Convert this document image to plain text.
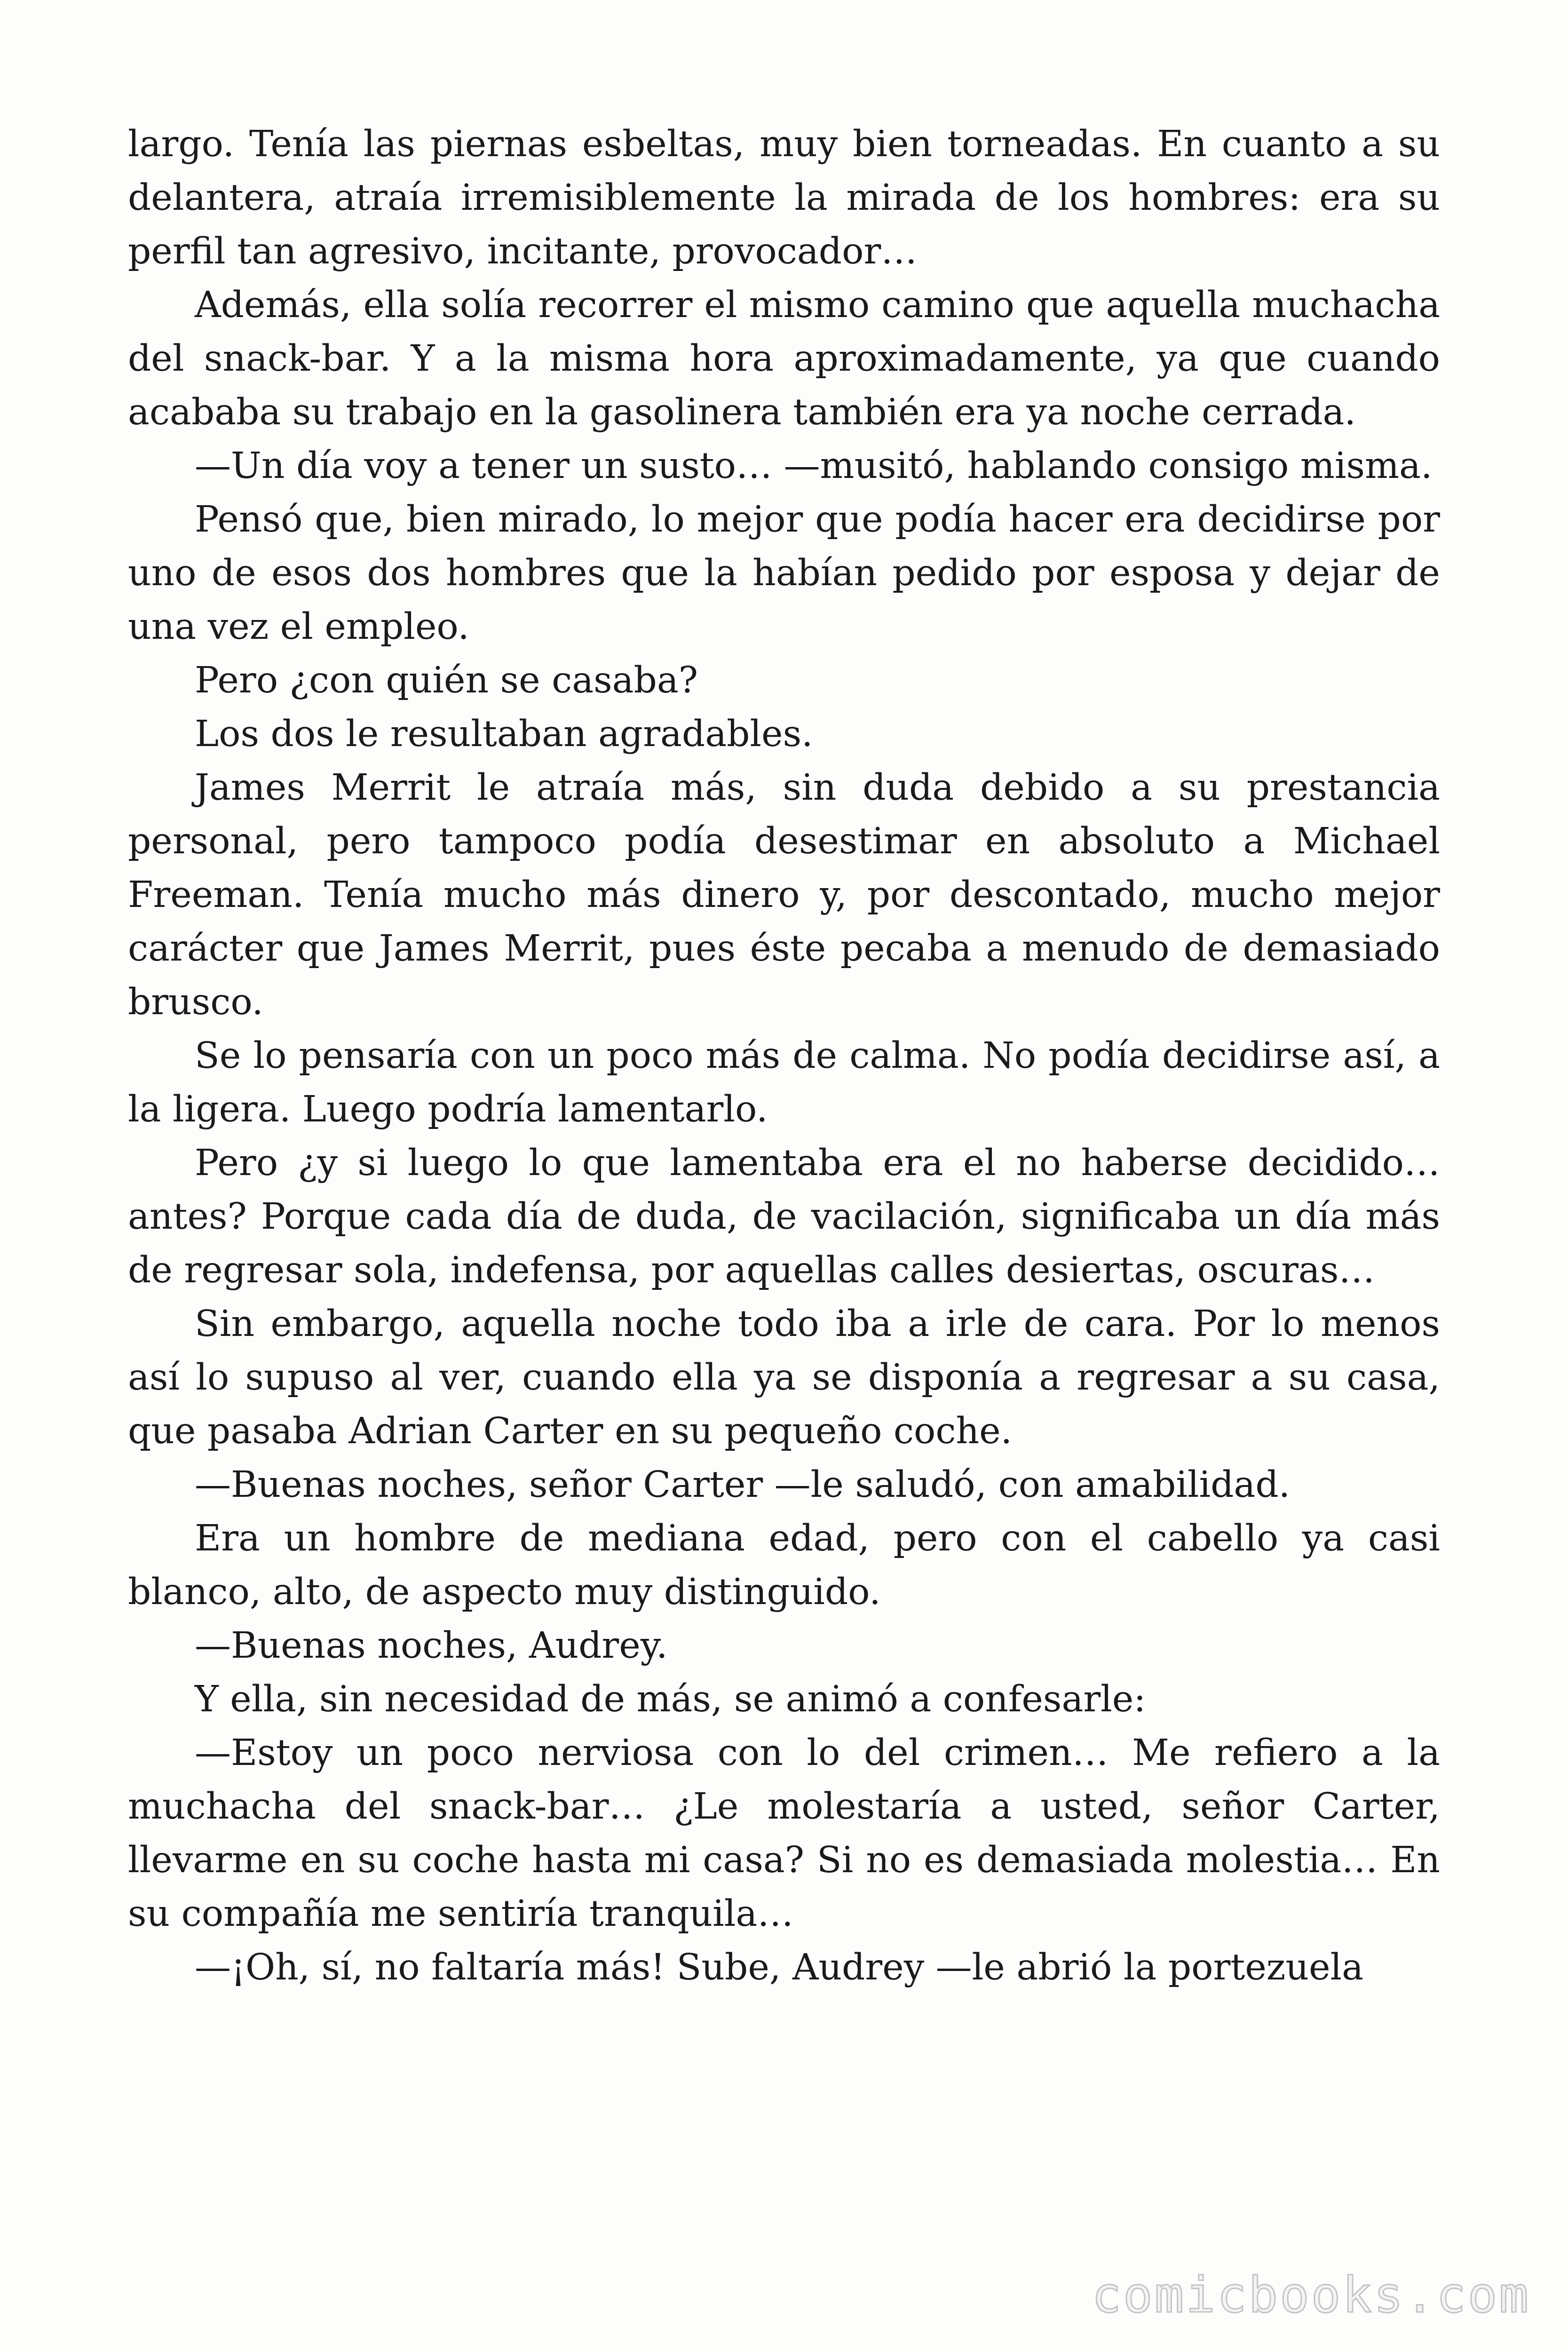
largo. Tenía las piernas esbeltas, muy bien torneadas. En cuanto a su delantera, atraía irremisiblemente la mirada de los hombres: era su perfil tan agresivo, incitante, provocador…

Además, ella solía recorrer el mismo camino que aquella muchacha del snack-bar. Y a la misma hora aproximadamente, ya que cuando acababa su trabajo en la gasolinera también era ya noche cerrada.

—Un día voy a tener un susto… —musitó, hablando consigo misma.

Pensó que, bien mirado, lo mejor que podía hacer era decidirse por uno de esos dos hombres que la habían pedido por esposa y dejar de una vez el empleo.

Pero ¿con quién se casaba?

Los dos le resultaban agradables.

James Merrit le atraía más, sin duda debido a su prestancia personal, pero tampoco podía desestimar en absoluto a Michael Freeman. Tenía mucho más dinero y, por descontado, mucho mejor carácter que James Merrit, pues éste pecaba a menudo de demasiado brusco.

Se lo pensaría con un poco más de calma. No podía decidirse así, a la ligera. Luego podría lamentarlo.

Pero ¿y si luego lo que lamentaba era el no haberse decidido… antes? Porque cada día de duda, de vacilación, significaba un día más de regresar sola, indefensa, por aquellas calles desiertas, oscuras…

Sin embargo, aquella noche todo iba a irle de cara. Por lo menos así lo supuso al ver, cuando ella ya se disponía a regresar a su casa, que pasaba Adrian Carter en su pequeño coche.

—Buenas noches, señor Carter —le saludó, con amabilidad.

Era un hombre de mediana edad, pero con el cabello ya casi blanco, alto, de aspecto muy distinguido.

—Buenas noches, Audrey.

Y ella, sin necesidad de más, se animó a confesarle:

—Estoy un poco nerviosa con lo del crimen… Me refiero a la muchacha del snack-bar… ¿Le molestaría a usted, señor Carter, llevarme en su coche hasta mi casa? Si no es demasiada molestia… En su compañía me sentiría tranquila…

—¡Oh, sí, no faltaría más! Sube, Audrey —le abrió la portezuela

comicbooks.com
